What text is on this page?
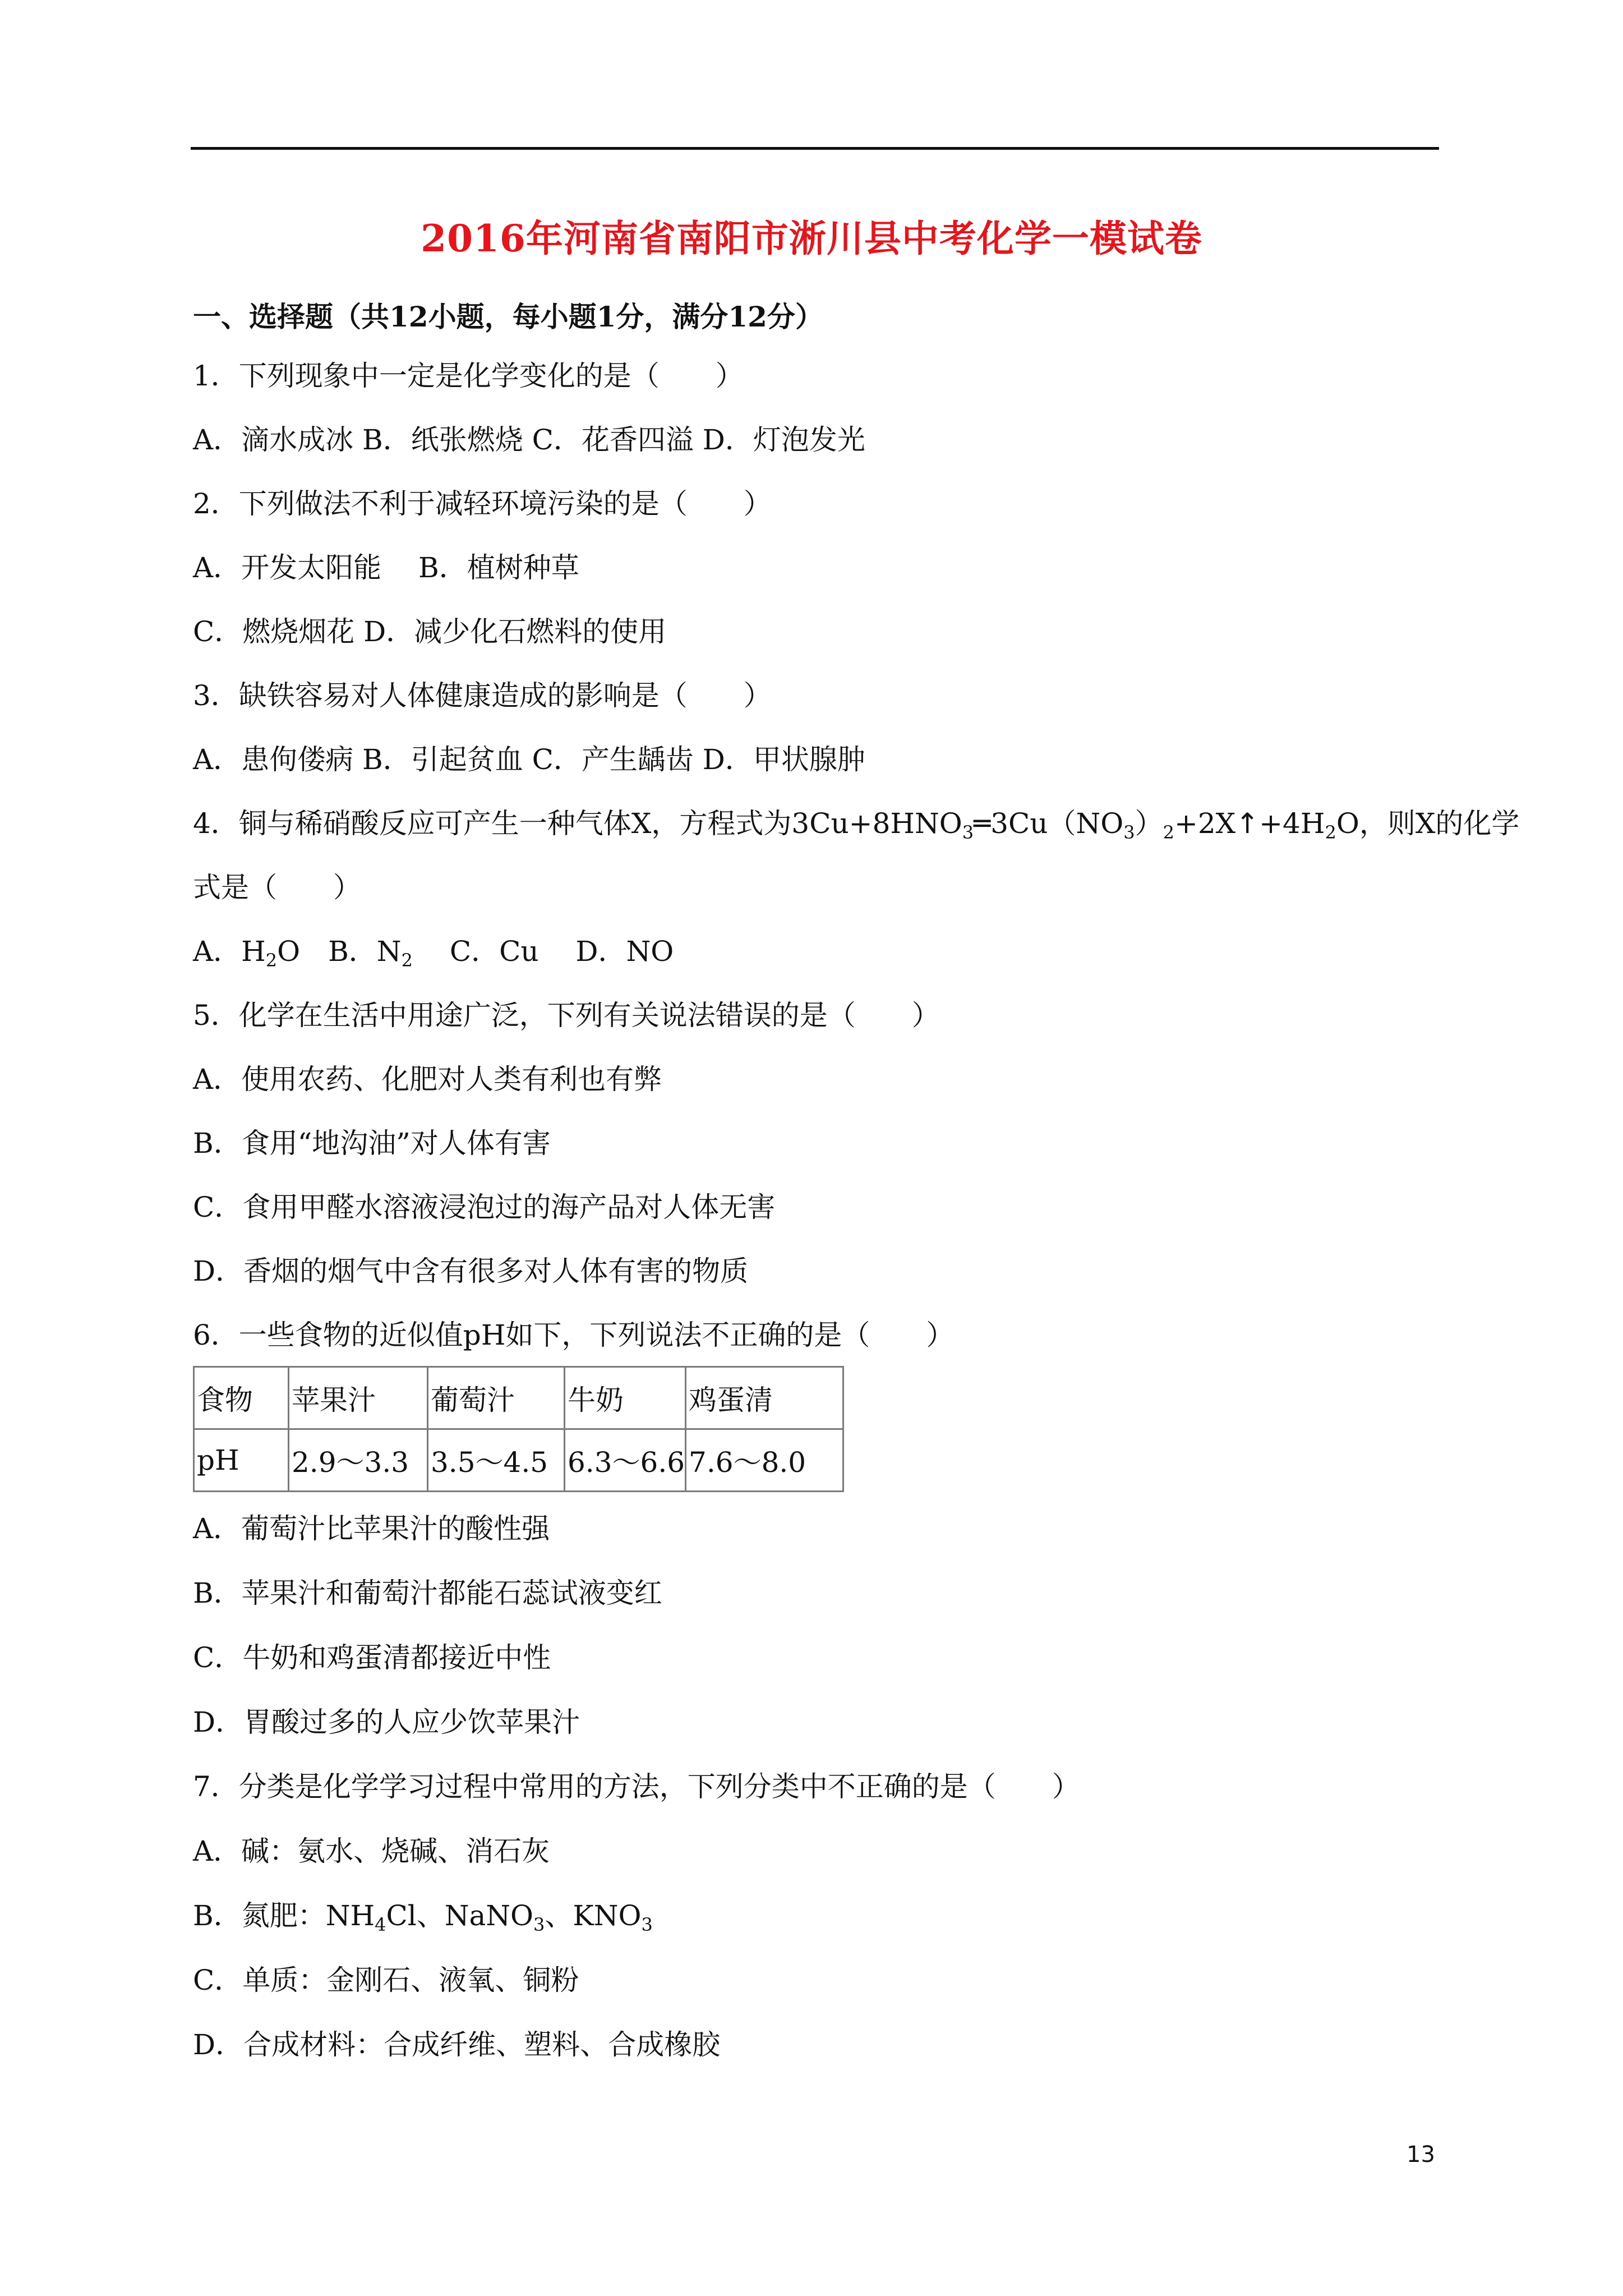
2016年河南省南阳市淅川县中考化学一模试卷
一、选择题（共12小题，每小题1分，满分12分）
1．下列现象中一定是化学变化的是（　　）
A．滴水成冰 B．纸张燃烧 C．花香四溢 D．灯泡发光
2．下列做法不利于减轻环境污染的是（　　）
A．开发太阳能　 B．植树种草
C．燃烧烟花 D．减少化石燃料的使用
3．缺铁容易对人体健康造成的影响是（　　）
A．患佝偻病 B．引起贫血 C．产生龋齿 D．甲状腺肿
4．铜与稀硝酸反应可产生一种气体X，方程式为$3Cu+8HNO_3═3Cu(NO_3)_2+2X↑+4H_2O$，则X的化学
式是（　　）
A．$H_2O$　B．$N_2$　 C．Cu　 D．NO
5．化学在生活中用途广泛，下列有关说法错误的是（　　）
A．使用农药、化肥对人类有利也有弊
B．食用“地沟油”对人体有害
C．食用甲醛水溶液浸泡过的海产品对人体无害
D．香烟的烟气中含有很多对人体有害的物质
6．一些食物的近似值pH如下，下列说法不正确的是（　　）
食物	苹果汁	葡萄汁	牛奶	鸡蛋清
pH	2.9～3.3	3.5～4.5	6.3～6.6	7.6～8.0
A．葡萄汁比苹果汁的酸性强
B．苹果汁和葡萄汁都能石蕊试液变红
C．牛奶和鸡蛋清都接近中性
D．胃酸过多的人应少饮苹果汁
7．分类是化学学习过程中常用的方法，下列分类中不正确的是（　　）
A．碱：氨水、烧碱、消石灰
B．氮肥：$NH_4Cl$、NaNO$_3$、$KNO_3$
C．单质：金刚石、液氧、铜粉
D．合成材料：合成纤维、塑料、合成橡胶
13
